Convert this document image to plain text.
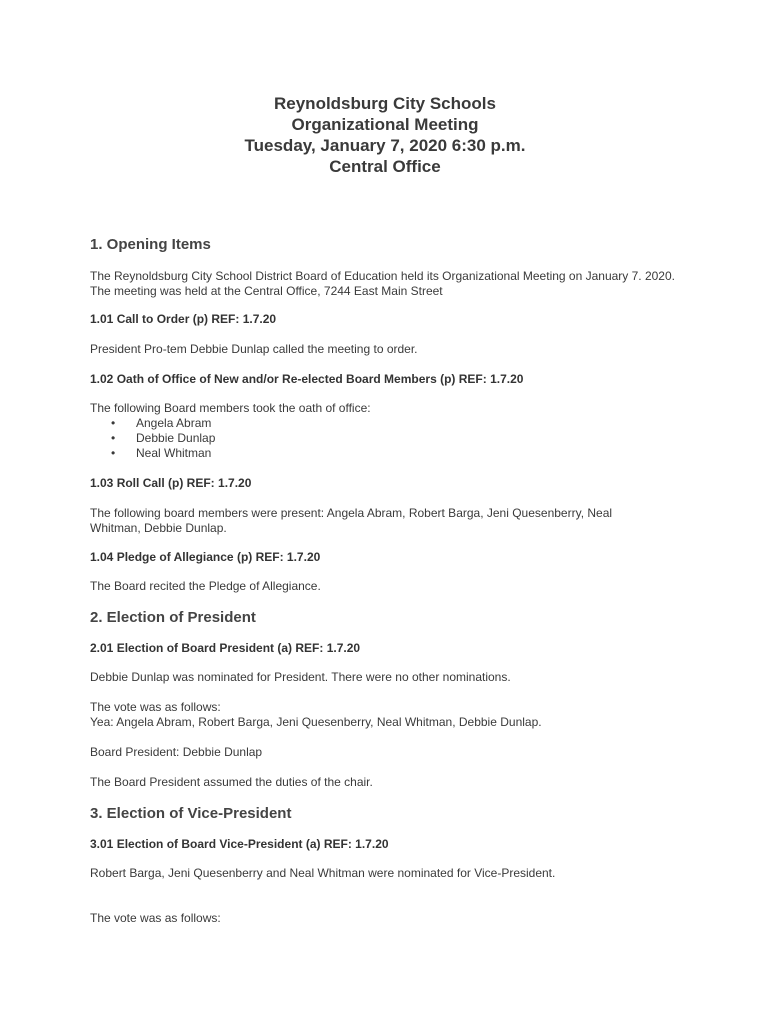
Reynoldsburg City Schools
Organizational Meeting
Tuesday, January 7, 2020 6:30 p.m.
Central Office
1. Opening Items
The Reynoldsburg City School District Board of Education held its Organizational Meeting on January 7. 2020. The meeting was held at the Central Office, 7244 East Main Street
1.01 Call to Order (p) REF: 1.7.20
President Pro-tem Debbie Dunlap called the meeting to order.
1.02 Oath of Office of New and/or Re-elected Board Members (p) REF: 1.7.20
The following Board members took the oath of office:
• Angela Abram
• Debbie Dunlap
• Neal Whitman
1.03 Roll Call (p) REF: 1.7.20
The following board members were present: Angela Abram, Robert Barga, Jeni Quesenberry, Neal Whitman, Debbie Dunlap.
1.04 Pledge of Allegiance (p) REF: 1.7.20
The Board recited the Pledge of Allegiance.
2. Election of President
2.01 Election of Board President (a) REF: 1.7.20
Debbie Dunlap was nominated for President. There were no other nominations.
The vote was as follows:
Yea: Angela Abram, Robert Barga, Jeni Quesenberry, Neal Whitman, Debbie Dunlap.
Board President: Debbie Dunlap
The Board President assumed the duties of the chair.
3. Election of Vice-President
3.01 Election of Board Vice-President (a) REF: 1.7.20
Robert Barga, Jeni Quesenberry and Neal Whitman were nominated for Vice-President.
The vote was as follows:
